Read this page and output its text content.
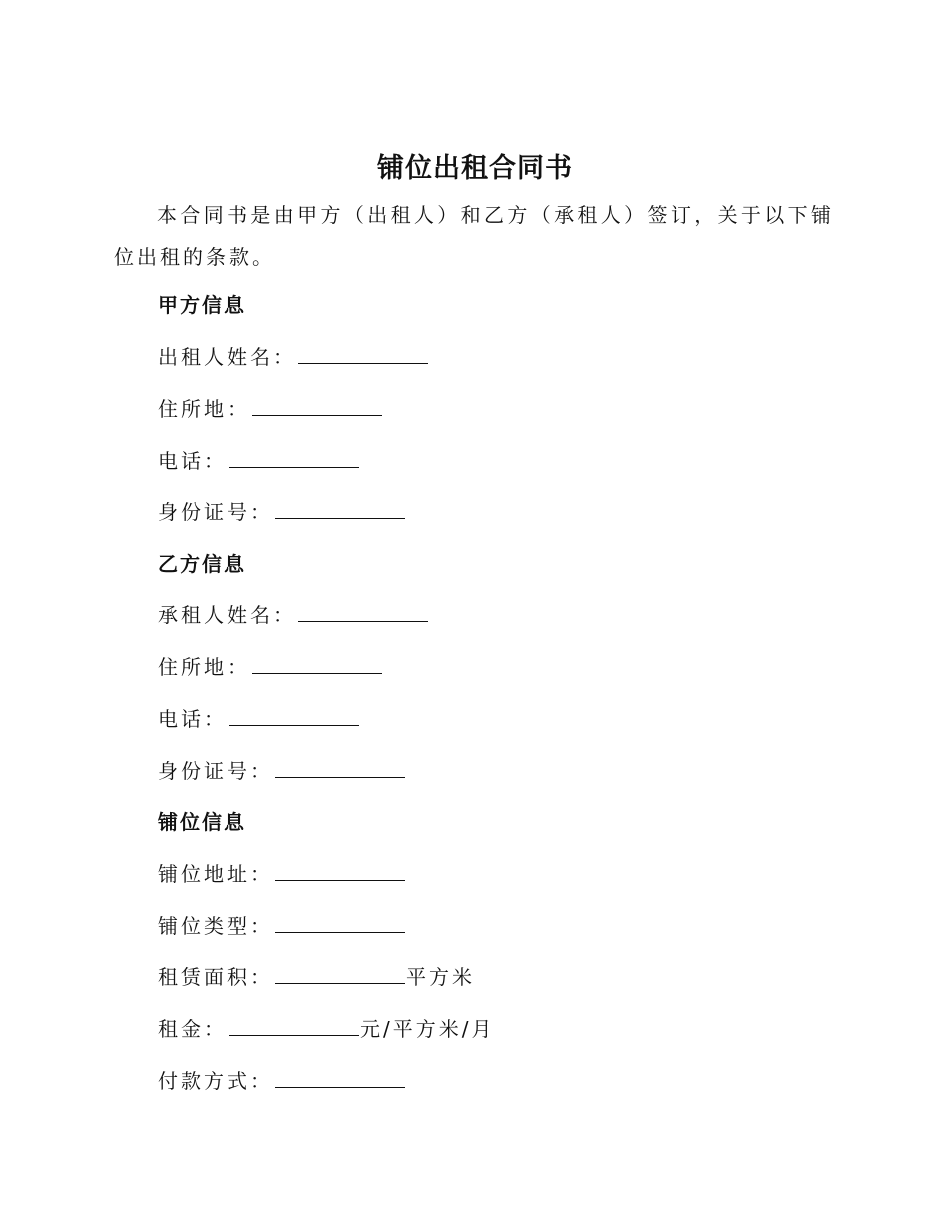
铺位出租合同书
本合同书是由甲方（出租人）和乙方（承租人）签订，关于以下铺位出租的条款。
甲方信息
出租人姓名：
住所地：
电话：
身份证号：
乙方信息
承租人姓名：
住所地：
电话：
身份证号：
铺位信息
铺位地址：
铺位类型：
租赁面积：	平方米
租金：	元/平方米/月
付款方式：
